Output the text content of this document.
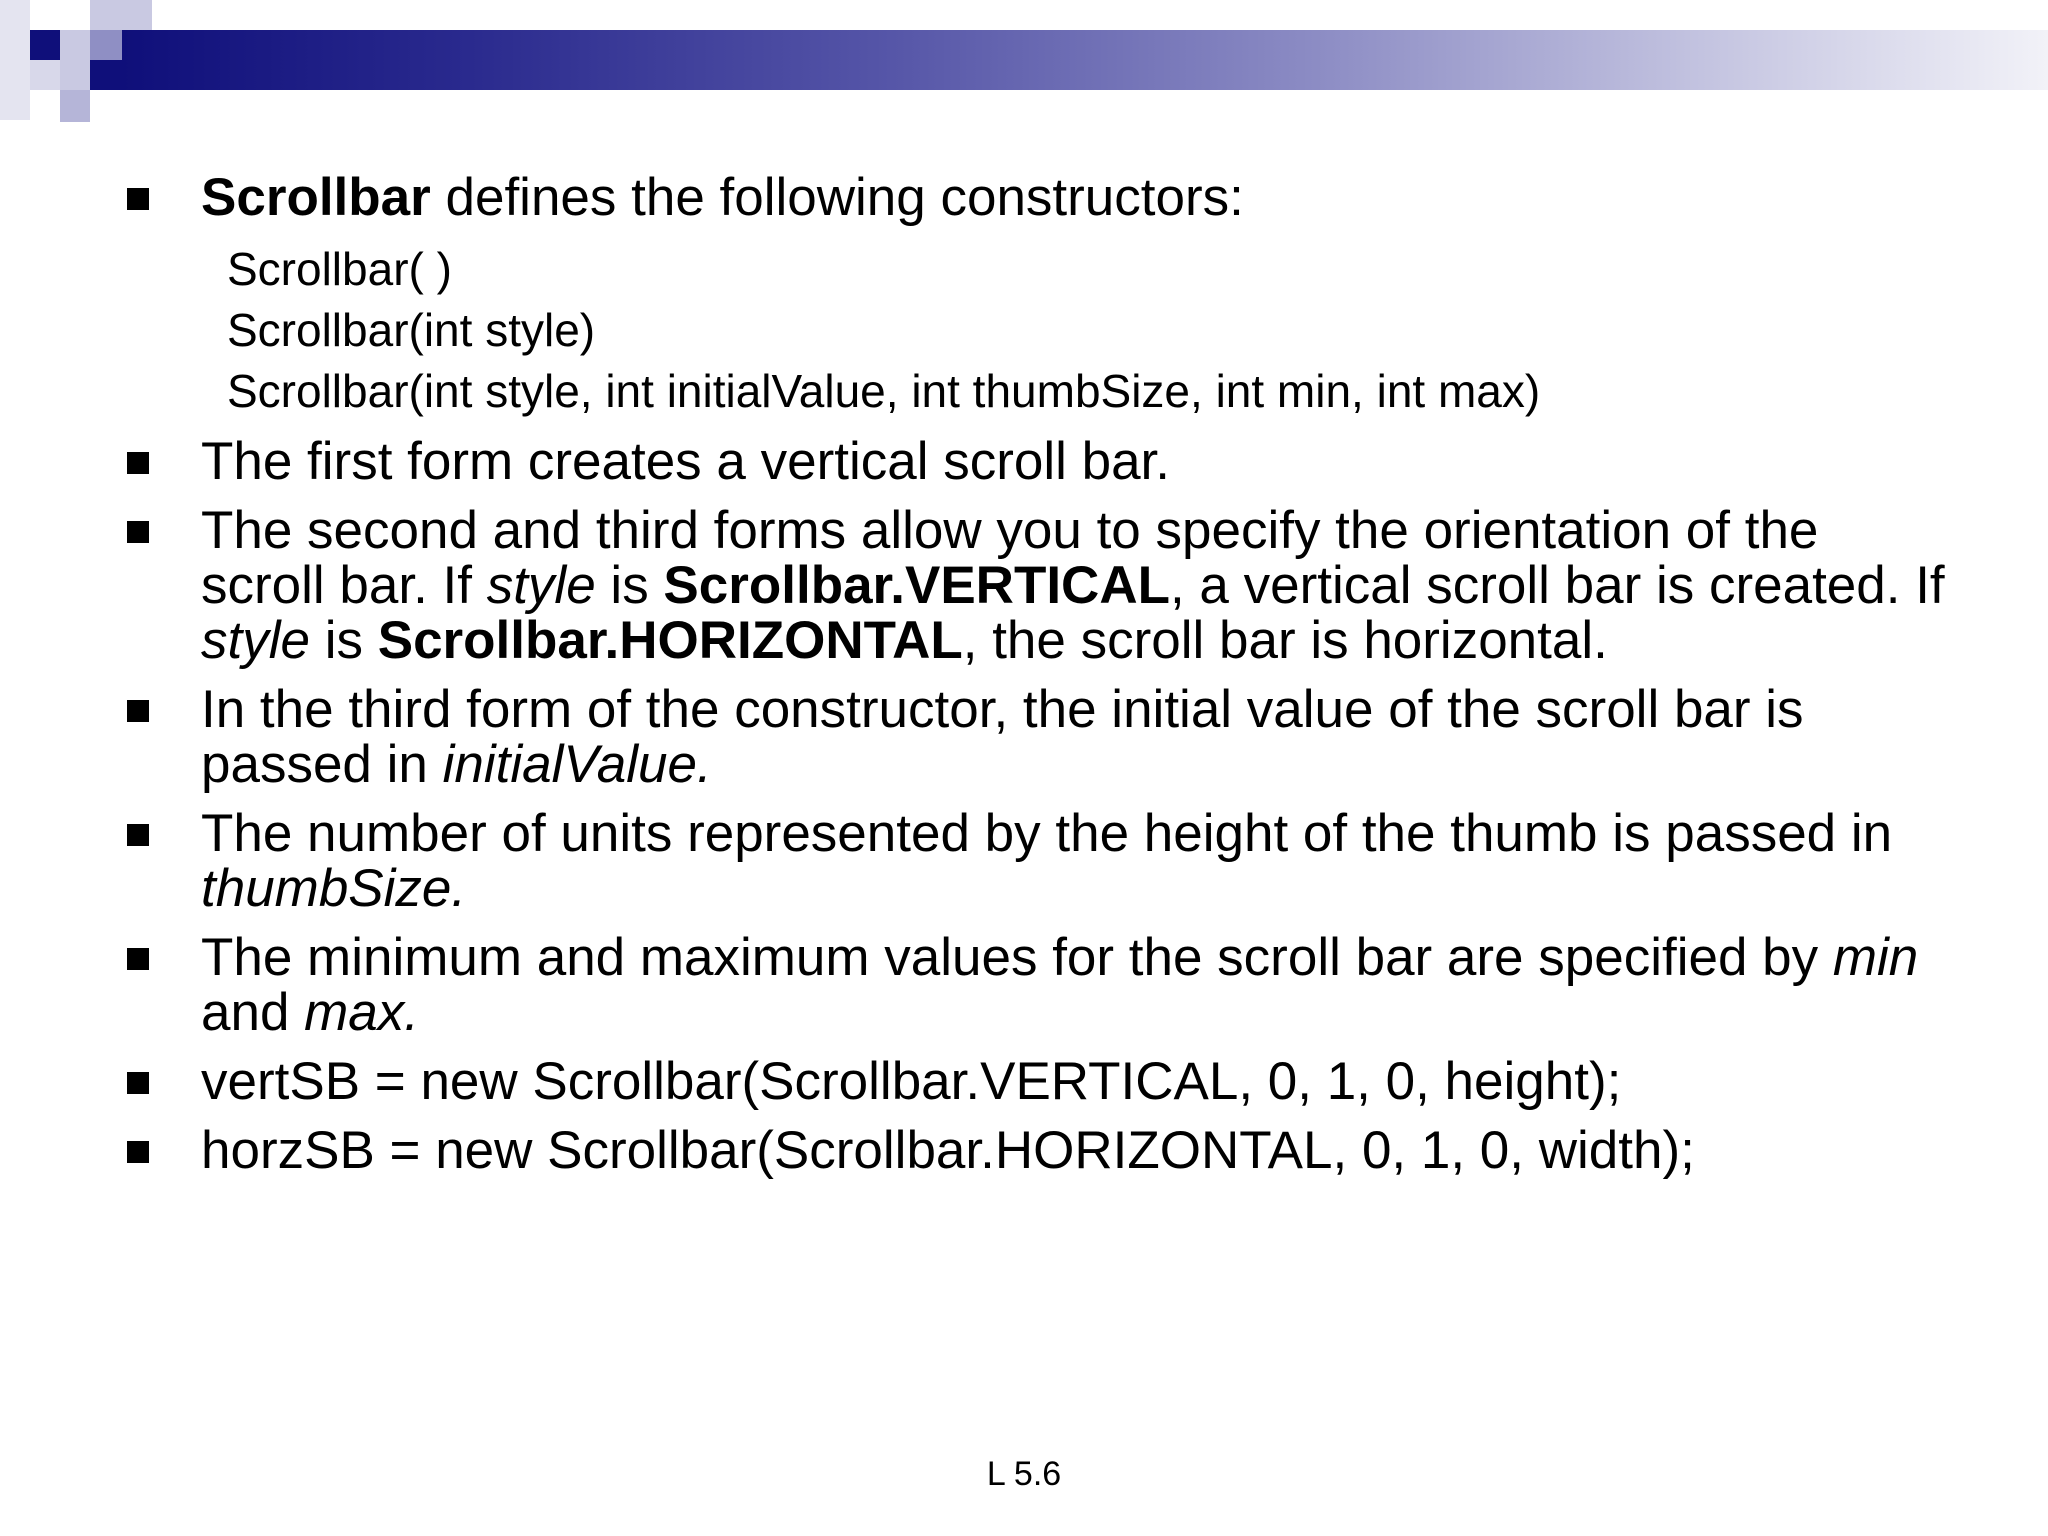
Scrollbar defines the following constructors:
Scrollbar( )
Scrollbar(int style)
Scrollbar(int style, int initialValue, int thumbSize, int min, int max)
The first form creates a vertical scroll bar.
The second and third forms allow you to specify the orientation of the scroll bar. If style is Scrollbar.VERTICAL, a vertical scroll bar is created. If style is Scrollbar.HORIZONTAL, the scroll bar is horizontal.
In the third form of the constructor, the initial value of the scroll bar is passed in initialValue.
The number of units represented by the height of the thumb is passed in thumbSize.
The minimum and maximum values for the scroll bar are specified by min and max.
vertSB = new Scrollbar(Scrollbar.VERTICAL, 0, 1, 0, height);
horzSB = new Scrollbar(Scrollbar.HORIZONTAL, 0, 1, 0, width);
L 5.6
